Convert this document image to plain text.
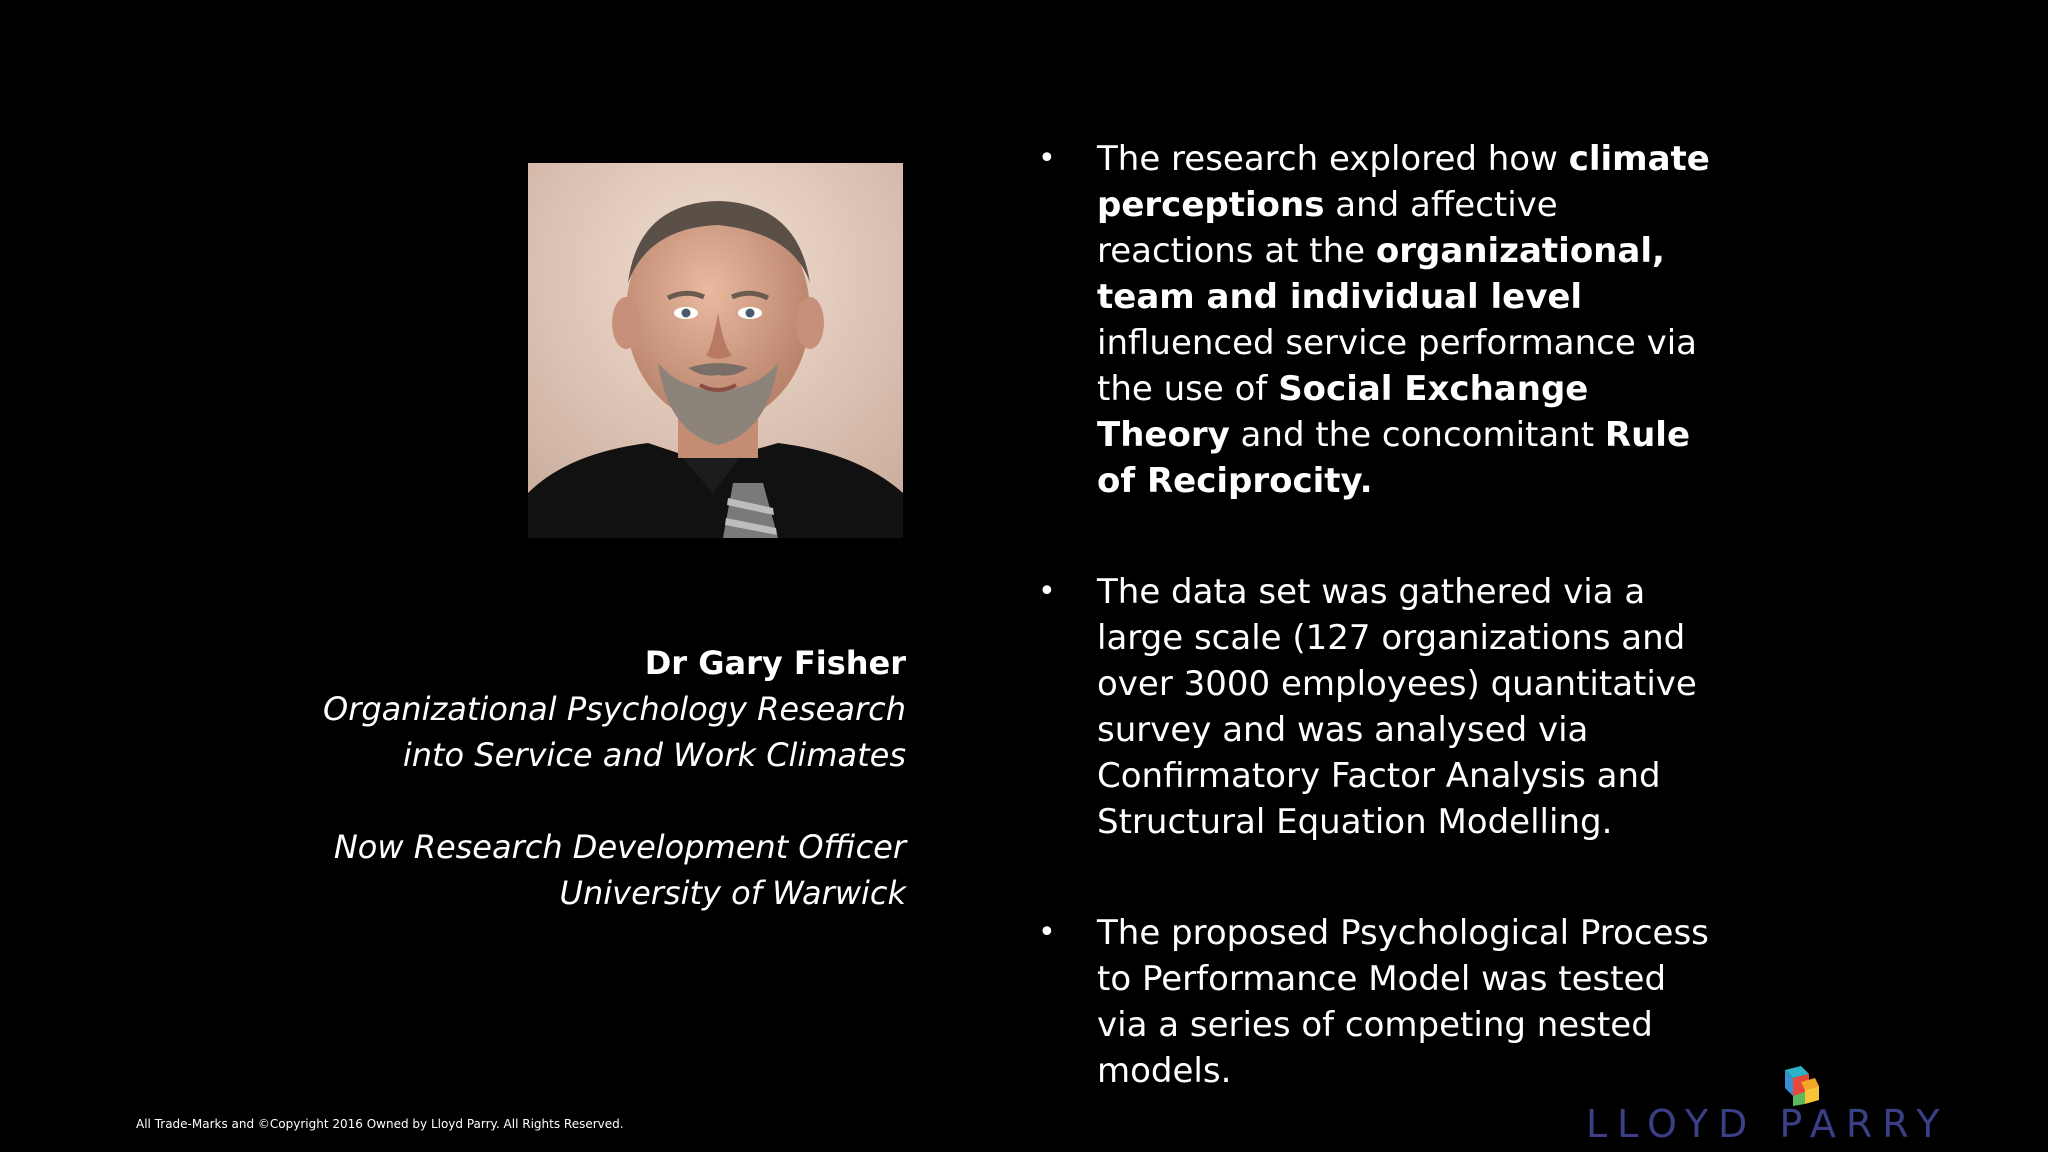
Dr Gary Fisher
Organizational Psychology Research
into Service and Work Climates
Now Research Development Officer
University of Warwick
• The research explored how climate perceptions and affective reactions at the organizational, team and individual level influenced service performance via the use of Social Exchange Theory and the concomitant Rule of Reciprocity.
• The data set was gathered via a large scale (127 organizations and over 3000 employees) quantitative survey and was analysed via Confirmatory Factor Analysis and Structural Equation Modelling.
• The proposed Psychological Process to Performance Model was tested via a series of competing nested models.
All Trade-Marks and ©Copyright 2016 Owned by Lloyd Parry. All Rights Reserved.	LLOYD PARRY
